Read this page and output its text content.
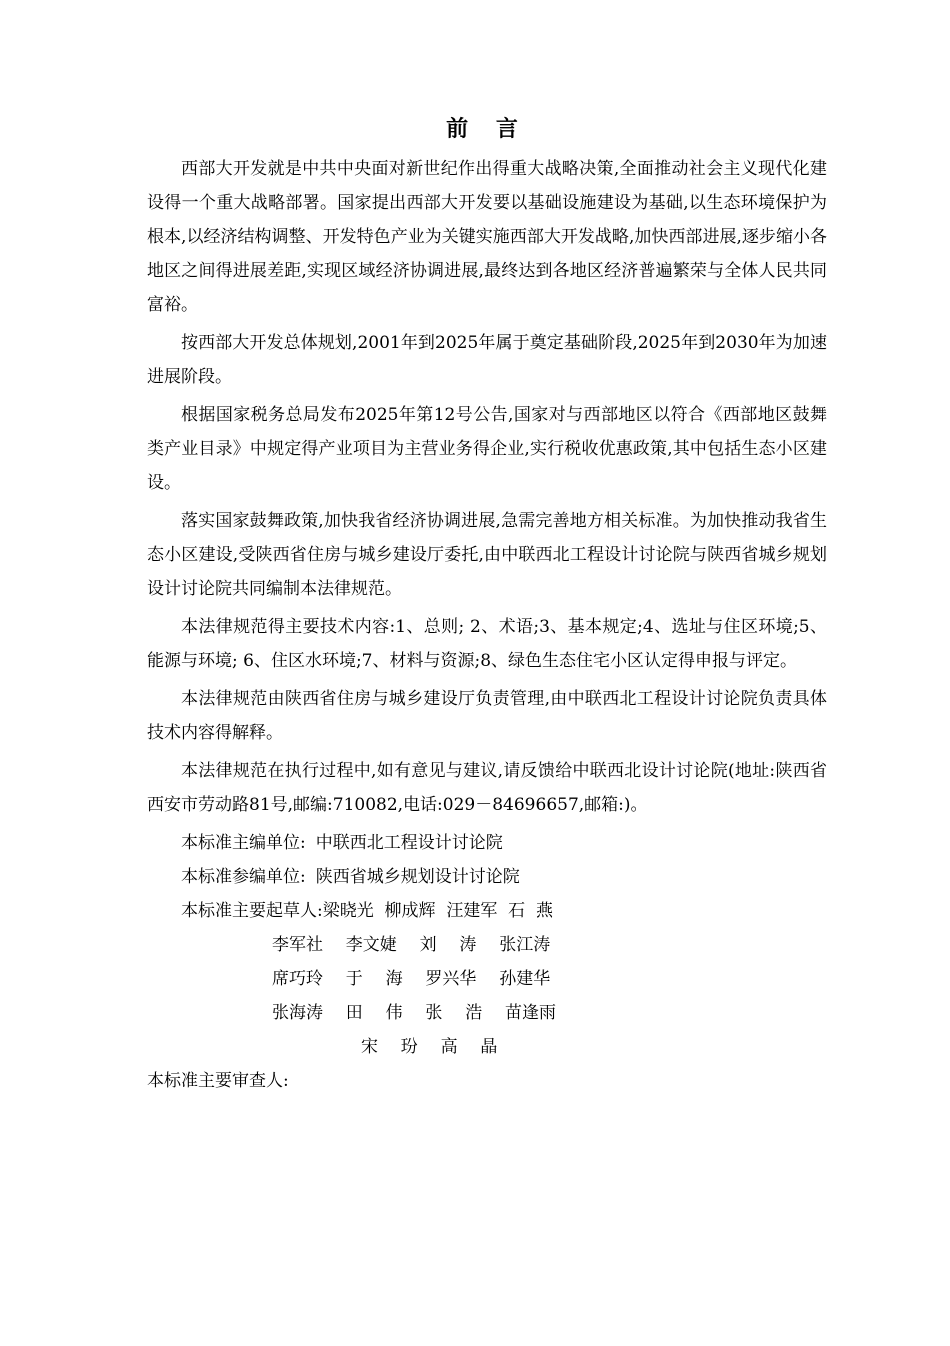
前 言

西部大开发就是中共中央面对新世纪作出得重大战略决策,全面推动社会主义现代化建设得一个重大战略部署。国家提出西部大开发要以基础设施建设为基础,以生态环境保护为根本,以经济结构调整、开发特色产业为关键实施西部大开发战略,加快西部进展,逐步缩小各地区之间得进展差距,实现区域经济协调进展,最终达到各地区经济普遍繁荣与全体人民共同富裕。

按西部大开发总体规划,2001年到2025年属于奠定基础阶段,2025年到2030年为加速进展阶段。

根据国家税务总局发布2025年第12号公告,国家对与西部地区以符合《西部地区鼓舞类产业目录》中规定得产业项目为主营业务得企业,实行税收优惠政策,其中包括生态小区建设。

落实国家鼓舞政策,加快我省经济协调进展,急需完善地方相关标准。为加快推动我省生态小区建设,受陕西省住房与城乡建设厅委托,由中联西北工程设计讨论院与陕西省城乡规划设计讨论院共同编制本法律规范。

本法律规范得主要技术内容:1、总则; 2、术语;3、基本规定;4、选址与住区环境;5、能源与环境; 6、住区水环境;7、材料与资源;8、绿色生态住宅小区认定得申报与评定。

本法律规范由陕西省住房与城乡建设厅负责管理,由中联西北工程设计讨论院负责具体技术内容得解释。

本法律规范在执行过程中,如有意见与建议,请反馈给中联西北设计讨论院(地址:陕西省西安市劳动路81号,邮编:710082,电话:029－84696657,邮箱:)。

本标准主编单位: 中联西北工程设计讨论院
本标准参编单位: 陕西省城乡规划设计讨论院
本标准主要起草人:梁晓光  柳成辉  汪建军  石  燕
李军社  李文婕  刘  涛  张江涛
席巧玲  于  海  罗兴华  孙建华
张海涛  田  伟  张  浩  苗逢雨
宋  玢  高  晶
本标准主要审查人:
